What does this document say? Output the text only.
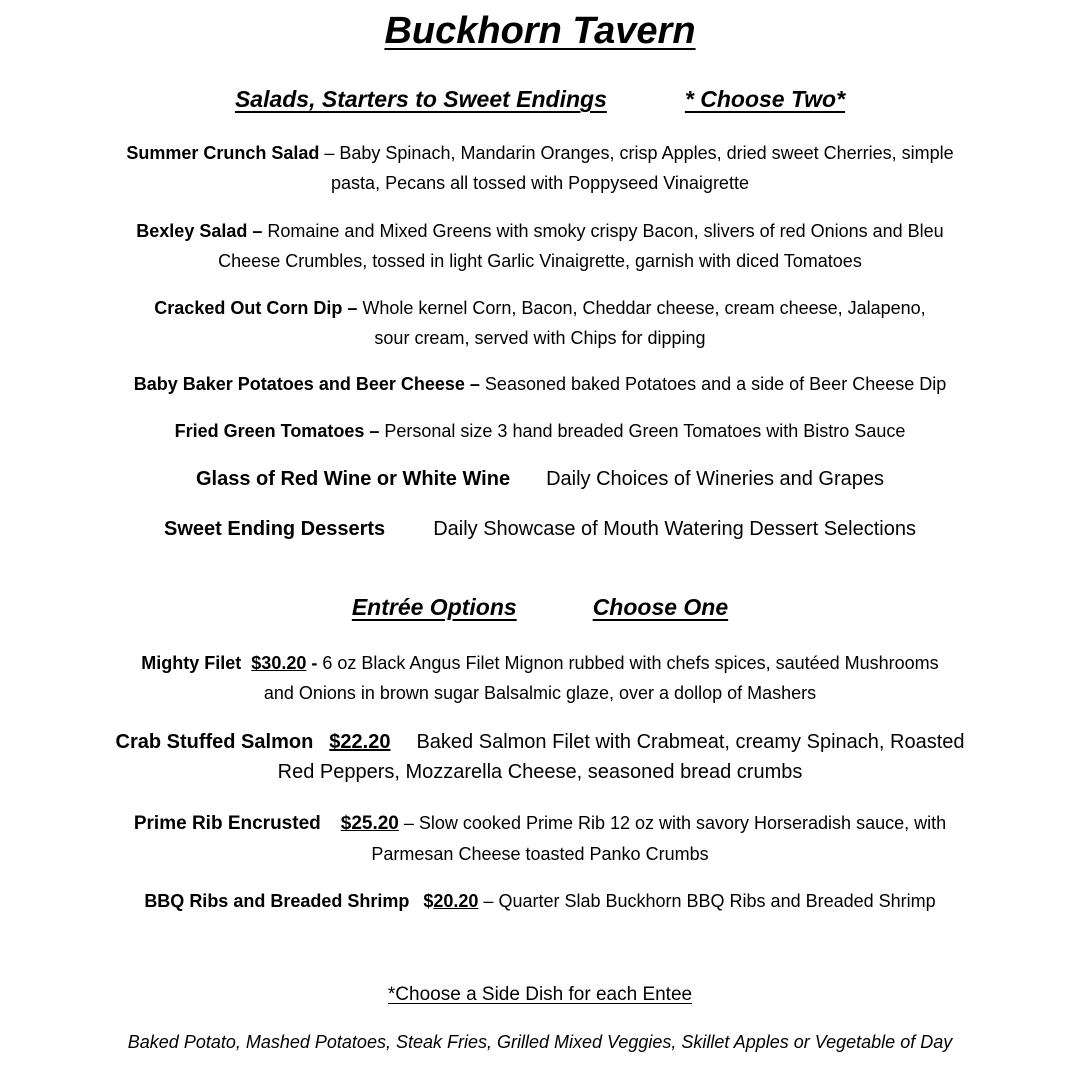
Buckhorn Tavern
Salads, Starters to Sweet Endings	* Choose Two*
Summer Crunch Salad – Baby Spinach, Mandarin Oranges, crisp Apples, dried sweet Cherries, simple
pasta, Pecans all tossed with Poppyseed Vinaigrette
Bexley Salad – Romaine and Mixed Greens with smoky crispy Bacon, slivers of red Onions and Bleu
Cheese Crumbles, tossed in light Garlic Vinaigrette, garnish with diced Tomatoes
Cracked Out Corn Dip – Whole kernel Corn, Bacon, Cheddar cheese, cream cheese, Jalapeno,
sour cream, served with Chips for dipping
Baby Baker Potatoes and Beer Cheese – Seasoned baked Potatoes and a side of Beer Cheese Dip
Fried Green Tomatoes – Personal size 3 hand breaded Green Tomatoes with Bistro Sauce
Glass of Red Wine or White Wine Daily Choices of Wineries and Grapes
Sweet Ending Desserts Daily Showcase of Mouth Watering Dessert Selections
Entrée Options	Choose One
Mighty Filet $30.20 - 6 oz Black Angus Filet Mignon rubbed with chefs spices, sautéed Mushrooms
and Onions in brown sugar Balsalmic glaze, over a dollop of Mashers
Crab Stuffed Salmon $22.20 Baked Salmon Filet with Crabmeat, creamy Spinach, Roasted
Red Peppers, Mozzarella Cheese, seasoned bread crumbs
Prime Rib Encrusted $25.20 – Slow cooked Prime Rib 12 oz with savory Horseradish sauce, with
Parmesan Cheese toasted Panko Crumbs
BBQ Ribs and Breaded Shrimp $20.20 – Quarter Slab Buckhorn BBQ Ribs and Breaded Shrimp
*Choose a Side Dish for each Entee
Baked Potato, Mashed Potatoes, Steak Fries, Grilled Mixed Veggies, Skillet Apples or Vegetable of Day
